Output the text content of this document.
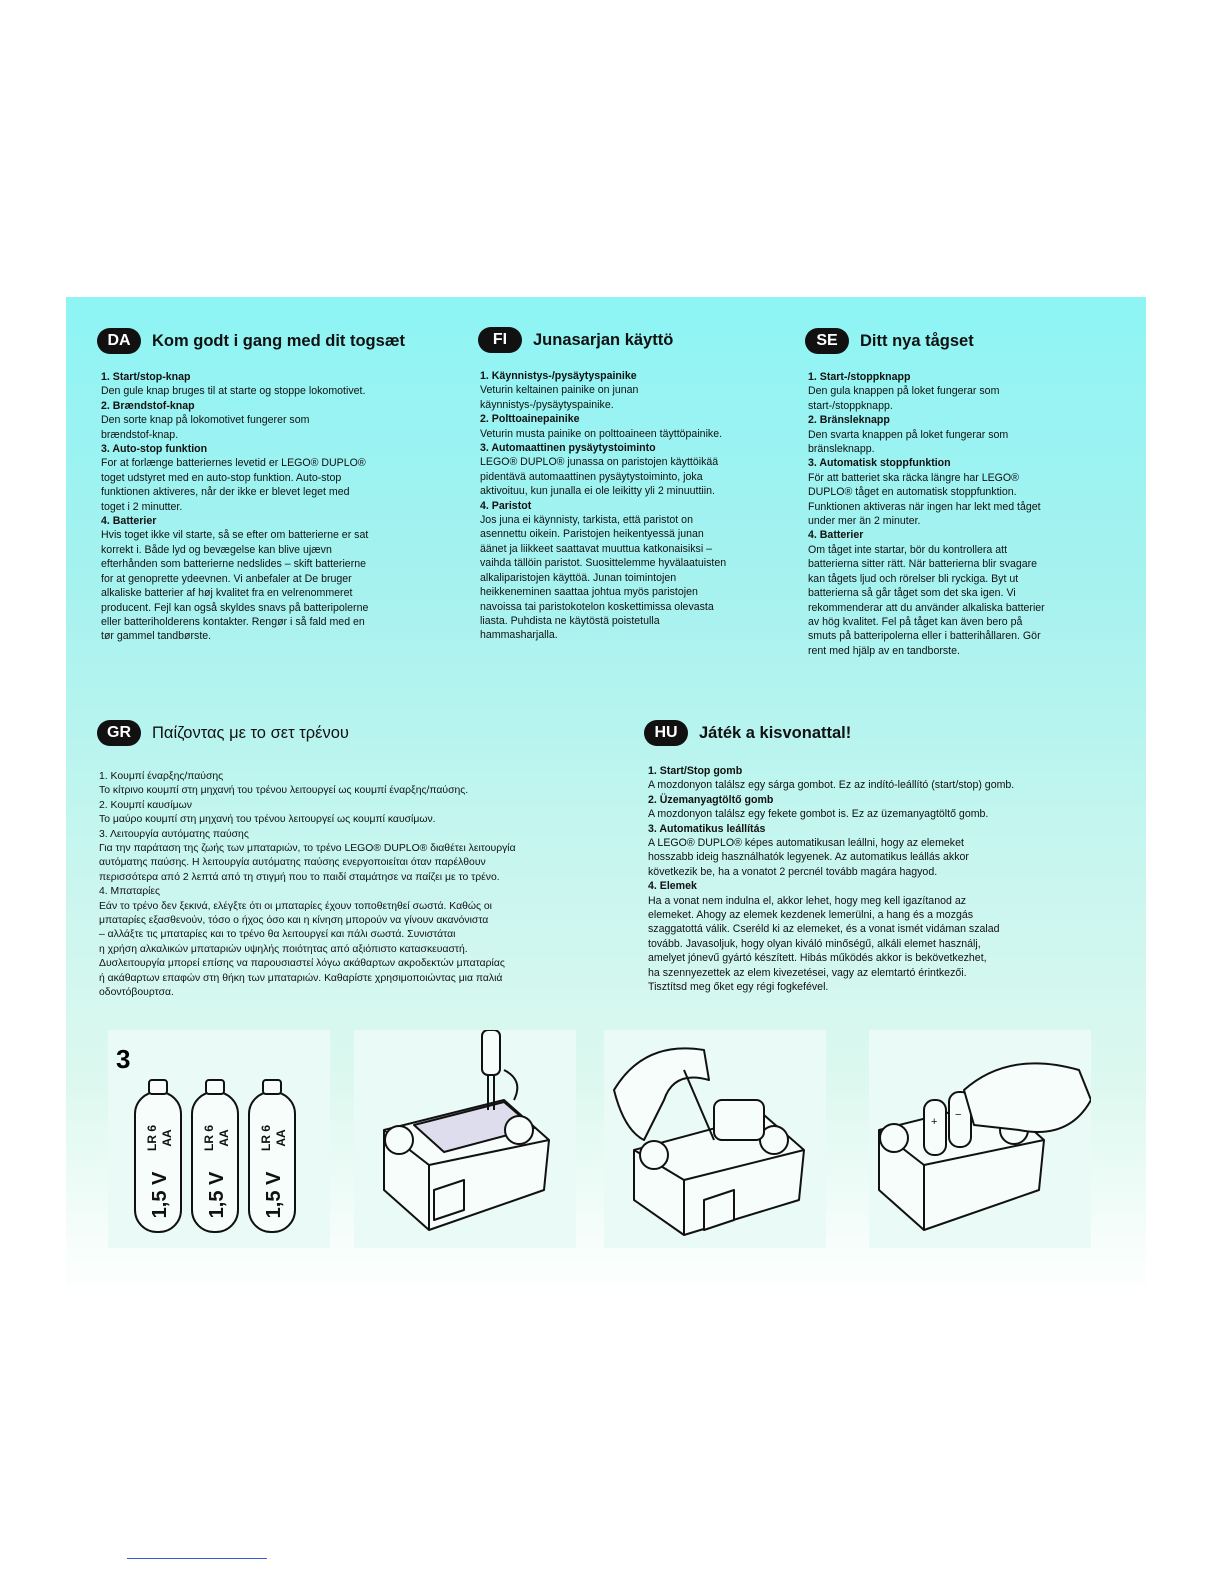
DA	Kom godt i gang med dit togsæt

1. Start/stop-knap

Den gule knap bruges til at starte og stoppe lokomotivet.

2. Brændstof-knap

Den sorte knap på lokomotivet fungerer som

brændstof-knap.

3. Auto-stop funktion

For at forlænge batteriernes levetid er LEGO® DUPLO®

toget udstyret med en auto-stop funktion. Auto-stop

funktionen aktiveres, når der ikke er blevet leget med

toget i 2 minutter.

4. Batterier

Hvis toget ikke vil starte, så se efter om batterierne er sat

korrekt i. Både lyd og bevægelse kan blive ujævn

efterhånden som batterierne nedslides – skift batterierne

for at genoprette ydeevnen. Vi anbefaler at De bruger

alkaliske batterier af høj kvalitet fra en velrenommeret

producent. Fejl kan også skyldes snavs på batteripolerne

eller batteriholderens kontakter. Rengør i så fald med en

tør gammel tandbørste.

FI	Junasarjan käyttö

1. Käynnistys-/pysäytyspainike

Veturin keltainen painike on junan

käynnistys-/pysäytyspainike.

2. Polttoainepainike

Veturin musta painike on polttoaineen täyttöpainike.

3. Automaattinen pysäytystoiminto

LEGO® DUPLO® junassa on paristojen käyttöikää

pidentävä automaattinen pysäytystoiminto, joka

aktivoituu, kun junalla ei ole leikitty yli 2 minuuttiin.

4. Paristot

Jos juna ei käynnisty, tarkista, että paristot on

asennettu oikein. Paristojen heikentyessä junan

äänet ja liikkeet saattavat muuttua katkonaisiksi –

vaihda tällöin paristot. Suosittelemme hyvälaatuisten

alkaliparistojen käyttöä. Junan toimintojen

heikkeneminen saattaa johtua myös paristojen

navoissa tai paristokotelon koskettimissa olevasta

liasta. Puhdista ne käytöstä poistetulla

hammasharjalla.

SE	Ditt nya tågset

1. Start-/stoppknapp

Den gula knappen på loket fungerar som

start-/stoppknapp.

2. Bränsleknapp

Den svarta knappen på loket fungerar som

bränsleknapp.

3. Automatisk stoppfunktion

För att batteriet ska räcka längre har LEGO®

DUPLO® tåget en automatisk stoppfunktion.

Funktionen aktiveras när ingen har lekt med tåget

under mer än 2 minuter.

4. Batterier

Om tåget inte startar, bör du kontrollera att

batterierna sitter rätt. När batterierna blir svagare

kan tågets ljud och rörelser bli ryckiga. Byt ut

batterierna så går tåget som det ska igen. Vi

rekommenderar att du använder alkaliska batterier

av hög kvalitet. Fel på tåget kan även bero på

smuts på batteripolerna eller i batterihållaren. Gör

rent med hjälp av en tandborste.

GR	Παίζοντας με το σετ τρένου

1. Κουμπί έναρξης/παύσης

Το κίτρινο κουμπί στη μηχανή του τρένου λειτουργεί ως κουμπί έναρξης/παύσης.

2. Κουμπί καυσίμων

Το μαύρο κουμπί στη μηχανή του τρένου λειτουργεί ως κουμπί καυσίμων.

3. Λειτουργία αυτόματης παύσης

Για την παράταση της ζωής των μπαταριών, το τρένο LEGO® DUPLO® διαθέτει λειτουργία

αυτόματης παύσης. Η λειτουργία αυτόματης παύσης ενεργοποιείται όταν παρέλθουν

περισσότερα από 2 λεπτά από τη στιγμή που το παιδί σταμάτησε να παίζει με το τρένο.

4. Μπαταρίες

Εάν το τρένο δεν ξεκινά, ελέγξτε ότι οι μπαταρίες έχουν τοποθετηθεί σωστά. Καθώς οι

μπαταρίες εξασθενούν, τόσο ο ήχος όσο και η κίνηση μπορούν να γίνουν ακανόνιστα

– αλλάξτε τις μπαταρίες και το τρένο θα λειτουργεί και πάλι σωστά. Συνιστάται

η χρήση αλκαλικών μπαταριών υψηλής ποιότητας από αξιόπιστο κατασκευαστή.

Δυσλειτουργία μπορεί επίσης να παρουσιαστεί λόγω ακάθαρτων ακροδεκτών μπαταρίας

ή ακάθαρτων επαφών στη θήκη των μπαταριών. Καθαρίστε χρησιμοποιώντας μια παλιά

οδοντόβουρτσα.

HU	Játék a kisvonattal!

1. Start/Stop gomb

A mozdonyon találsz egy sárga gombot. Ez az indító-leállító (start/stop) gomb.

2. Üzemanyagtöltő gomb

A mozdonyon találsz egy fekete gombot is. Ez az üzemanyagtöltő gomb.

3. Automatikus leállítás

A LEGO® DUPLO® képes automatikusan leállni, hogy az elemeket

hosszabb ideig használhatók legyenek. Az automatikus leállás akkor

következik be, ha a vonatot 2 percnél tovább magára hagyod.

4. Elemek

Ha a vonat nem indulna el, akkor lehet, hogy meg kell igazítanod az

elemeket. Ahogy az elemek kezdenek lemerülni, a hang és a mozgás

szaggatottá válik. Cseréld ki az elemeket, és a vonat ismét vidáman szalad

tovább. Javasoljuk, hogy olyan kiváló minőségű, alkáli elemet használj,

amelyet jónevű gyártó készített. Hibás működés akkor is bekövetkezhet,

ha szennyezettek az elem kivezetései, vagy az elemtartó érintkezői.

Tisztítsd meg őket egy régi fogkefével.

3
LR 6 AA
1,5 V
LR 6 AA
1,5 V
LR 6 AA
1,5 V
+
−
